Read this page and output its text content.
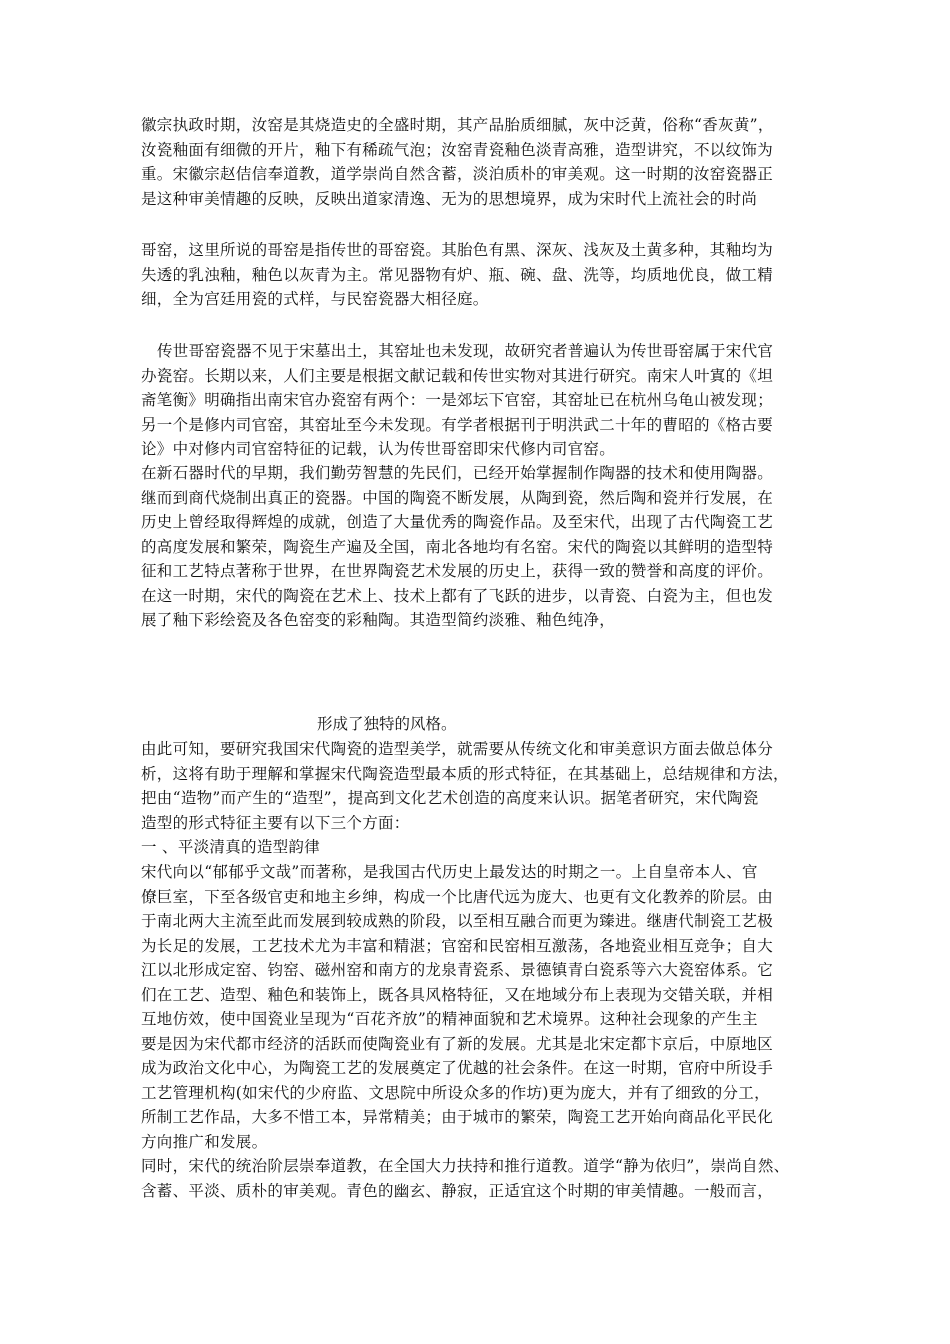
徽宗执政时期，汝窑是其烧造史的全盛时期，其产品胎质细腻，灰中泛黄，俗称“香灰黄”，
汝瓷釉面有细微的开片，釉下有稀疏气泡；汝窑青瓷釉色淡青高雅，造型讲究，不以纹饰为
重。宋徽宗赵佶信奉道教，道学崇尚自然含蓄，淡泊质朴的审美观。这一时期的汝窑瓷器正
是这种审美情趣的反映，反映出道家清逸、无为的思想境界，成为宋时代上流社会的时尚
哥窑，这里所说的哥窑是指传世的哥窑瓷。其胎色有黑、深灰、浅灰及土黄多种，其釉均为
失透的乳浊釉，釉色以灰青为主。常见器物有炉、瓶、碗、盘、洗等，均质地优良，做工精
细，全为宫廷用瓷的式样，与民窑瓷器大相径庭。
传世哥窑瓷器不见于宋墓出土，其窑址也未发现，故研究者普遍认为传世哥窑属于宋代官
办瓷窑。长期以来，人们主要是根据文献记载和传世实物对其进行研究。南宋人叶寘的《坦
斋笔衡》明确指出南宋官办瓷窑有两个：一是郊坛下官窑，其窑址已在杭州乌龟山被发现；
另一个是修内司官窑，其窑址至今未发现。有学者根据刊于明洪武二十年的曹昭的《格古要
论》中对修内司官窑特征的记载，认为传世哥窑即宋代修内司官窑。
在新石器时代的早期，我们勤劳智慧的先民们，已经开始掌握制作陶器的技术和使用陶器。
继而到商代烧制出真正的瓷器。中国的陶瓷不断发展，从陶到瓷，然后陶和瓷并行发展，在
历史上曾经取得辉煌的成就，创造了大量优秀的陶瓷作品。及至宋代，出现了古代陶瓷工艺
的高度发展和繁荣，陶瓷生产遍及全国，南北各地均有名窑。宋代的陶瓷以其鲜明的造型特
征和工艺特点著称于世界，在世界陶瓷艺术发展的历史上，获得一致的赞誉和高度的评价。
在这一时期，宋代的陶瓷在艺术上、技术上都有了飞跃的进步，以青瓷、白瓷为主，但也发
展了釉下彩绘瓷及各色窑变的彩釉陶。其造型简约淡雅、釉色纯净，

形成了独特的风格。

由此可知，要研究我国宋代陶瓷的造型美学，就需要从传统文化和审美意识方面去做总体分
析，这将有助于理解和掌握宋代陶瓷造型最本质的形式特征，在其基础上，总结规律和方法，
把由“造物”而产生的“造型”，提高到文化艺术创造的高度来认识。据笔者研究，宋代陶瓷
造型的形式特征主要有以下三个方面：
一 、平淡清真的造型韵律
宋代向以“郁郁乎文哉”而著称，是我国古代历史上最发达的时期之一。上自皇帝本人、官
僚巨室，下至各级官吏和地主乡绅，构成一个比唐代远为庞大、也更有文化教养的阶层。由
于南北两大主流至此而发展到较成熟的阶段，以至相互融合而更为臻进。继唐代制瓷工艺极
为长足的发展，工艺技术尤为丰富和精湛；官窑和民窑相互激荡，各地瓷业相互竞争；自大
江以北形成定窑、钧窑、磁州窑和南方的龙泉青瓷系、景德镇青白瓷系等六大瓷窑体系。它
们在工艺、造型、釉色和装饰上，既各具风格特征，又在地域分布上表现为交错关联，并相
互地仿效，使中国瓷业呈现为“百花齐放”的精神面貌和艺术境界。这种社会现象的产生主
要是因为宋代都市经济的活跃而使陶瓷业有了新的发展。尤其是北宋定都卞京后，中原地区
成为政治文化中心，为陶瓷工艺的发展奠定了优越的社会条件。在这一时期，官府中所设手
工艺管理机构(如宋代的少府监、文思院中所设众多的作坊)更为庞大，并有了细致的分工，
所制工艺作品，大多不惜工本，异常精美；由于城市的繁荣，陶瓷工艺开始向商品化平民化
方向推广和发展。
同时，宋代的统治阶层崇奉道教，在全国大力扶持和推行道教。道学“静为依归”，崇尚自然、
含蓄、平淡、质朴的审美观。青色的幽玄、静寂，正适宜这个时期的审美情趣。一般而言，
